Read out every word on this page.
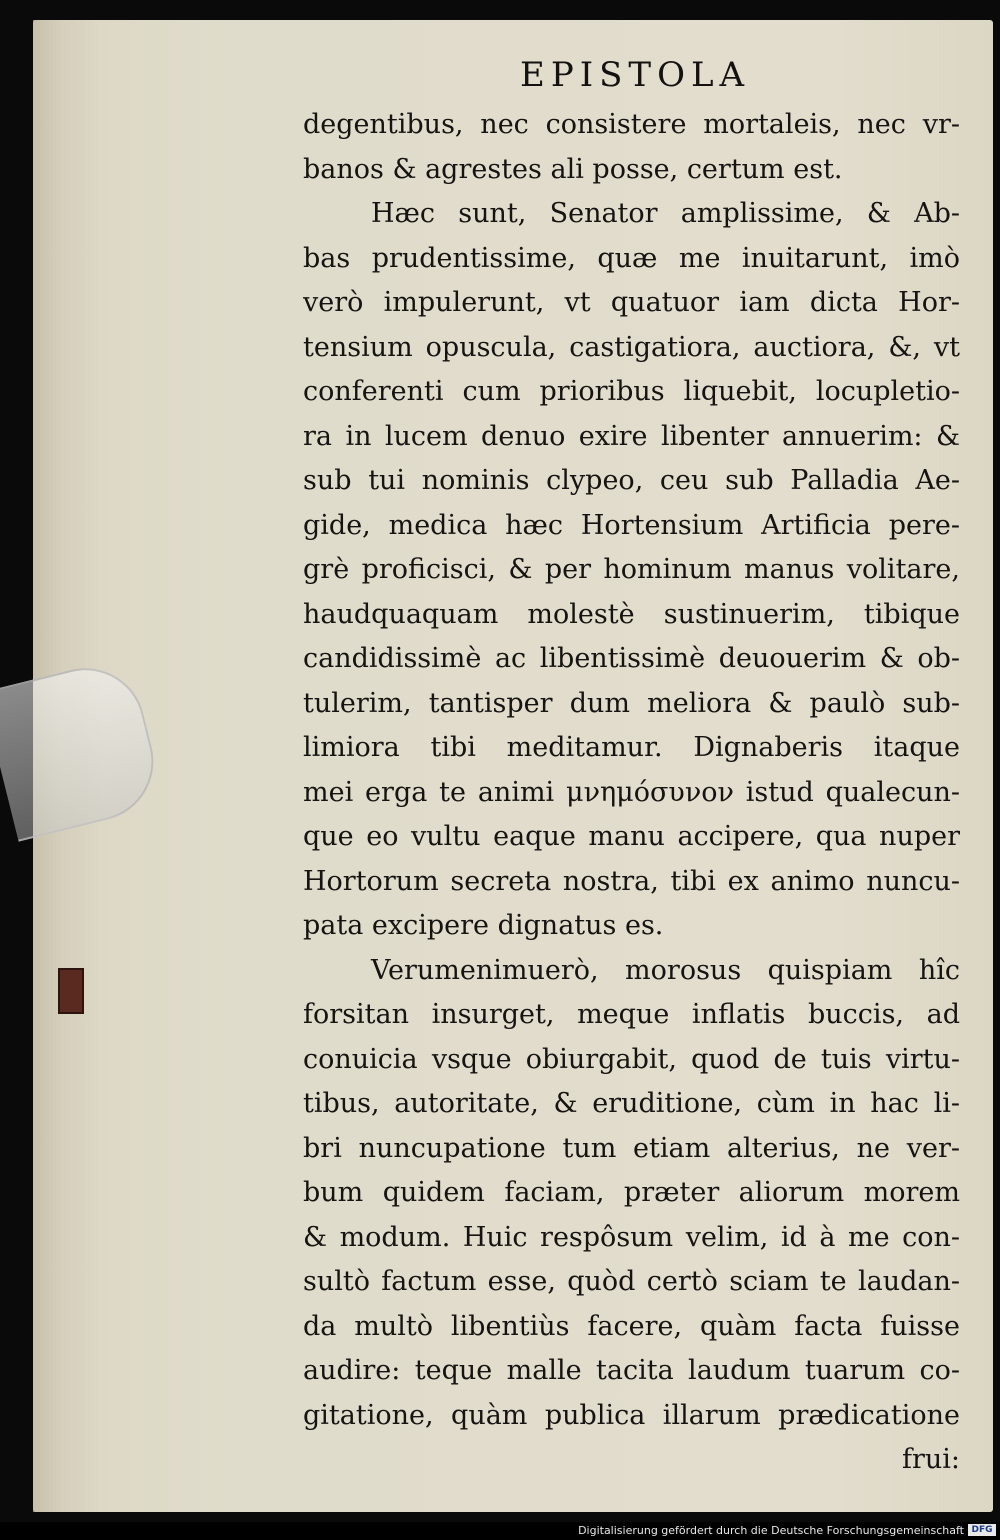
EPISTOLA
degentibus, nec consistere mortaleis, nec vr-
banos & agrestes ali posse, certum est.
Hæc sunt, Senator amplissime, & Ab-
bas prudentissime, quæ me inuitarunt, imò
verò impulerunt, vt quatuor iam dicta Hor-
tensium opuscula, castigatiora, auctiora, &, vt
conferenti cum prioribus liquebit, locupletio-
ra in lucem denuo exire libenter annuerim: &
sub tui nominis clypeo, ceu sub Palladia Ae-
gide, medica hæc Hortensium Artificia pere-
grè proficisci, & per hominum manus volitare,
haudquaquam molestè sustinuerim, tibique
candidissimè ac libentissimè deuouerim & ob-
tulerim, tantisper dum meliora & paulò sub-
limiora tibi meditamur. Dignaberis itaque
mei erga te animi μνημόσυνον istud qualecun-
que eo vultu eaque manu accipere, qua nuper
Hortorum secreta nostra, tibi ex animo nuncu-
pata excipere dignatus es.
Verumenimuerò, morosus quispiam hîc
forsitan insurget, meque inflatis buccis, ad
conuicia vsque obiurgabit, quod de tuis virtu-
tibus, autoritate, & eruditione, cùm in hac li-
bri nuncupatione tum etiam alterius, ne ver-
bum quidem faciam, præter aliorum morem
& modum. Huic respôsum velim, id à me con-
sultò factum esse, quòd certò sciam te laudan-
da multò libentiùs facere, quàm facta fuisse
audire: teque malle tacita laudum tuarum co-
gitatione, quàm publica illarum prædicatione
frui:
Digitalisierung gefördert durch die Deutsche Forschungsgemeinschaft DFG
